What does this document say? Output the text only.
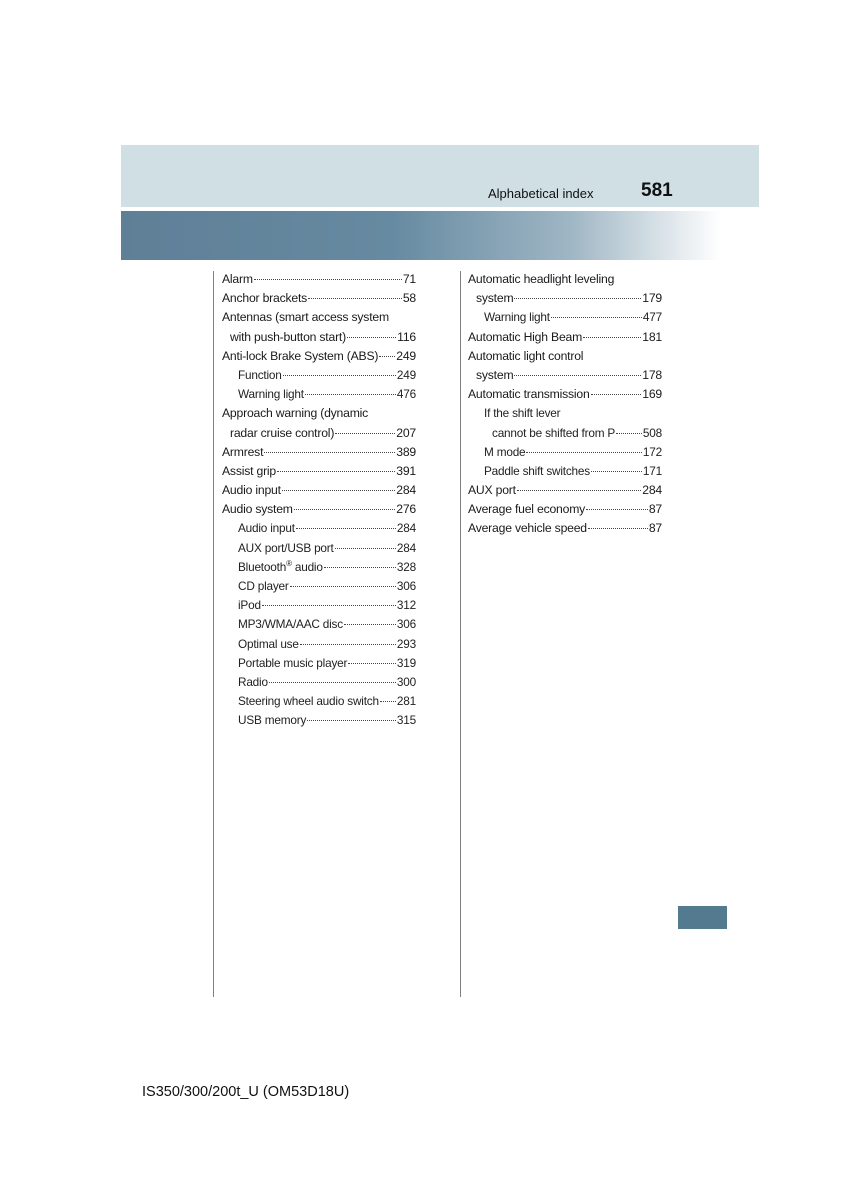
Alphabetical index 581
Alarm	71
Anchor brackets	58
Antennas (smart access system
with push-button start)	116
Anti-lock Brake System (ABS) 249
Function	249
Warning light	476
Approach warning (dynamic
radar cruise control)	207
Armrest	389
Assist grip	391
Audio input	284
Audio system	276
Audio input	284
AUX port/USB port	284
Bluetooth® audio	328
CD player	306
iPod	312
MP3/WMA/AAC disc	306
Optimal use	293
Portable music player	319
Radio	300
Steering wheel audio switch 281
USB memory	315
Automatic headlight leveling
system	179
Warning light	477
Automatic High Beam	181
Automatic light control
system	178
Automatic transmission	169
If the shift lever
cannot be shifted from P 508
M mode	172
Paddle shift switches	171
AUX port	284
Average fuel economy	87
Average vehicle speed	87
IS350/300/200t_U (OM53D18U)
